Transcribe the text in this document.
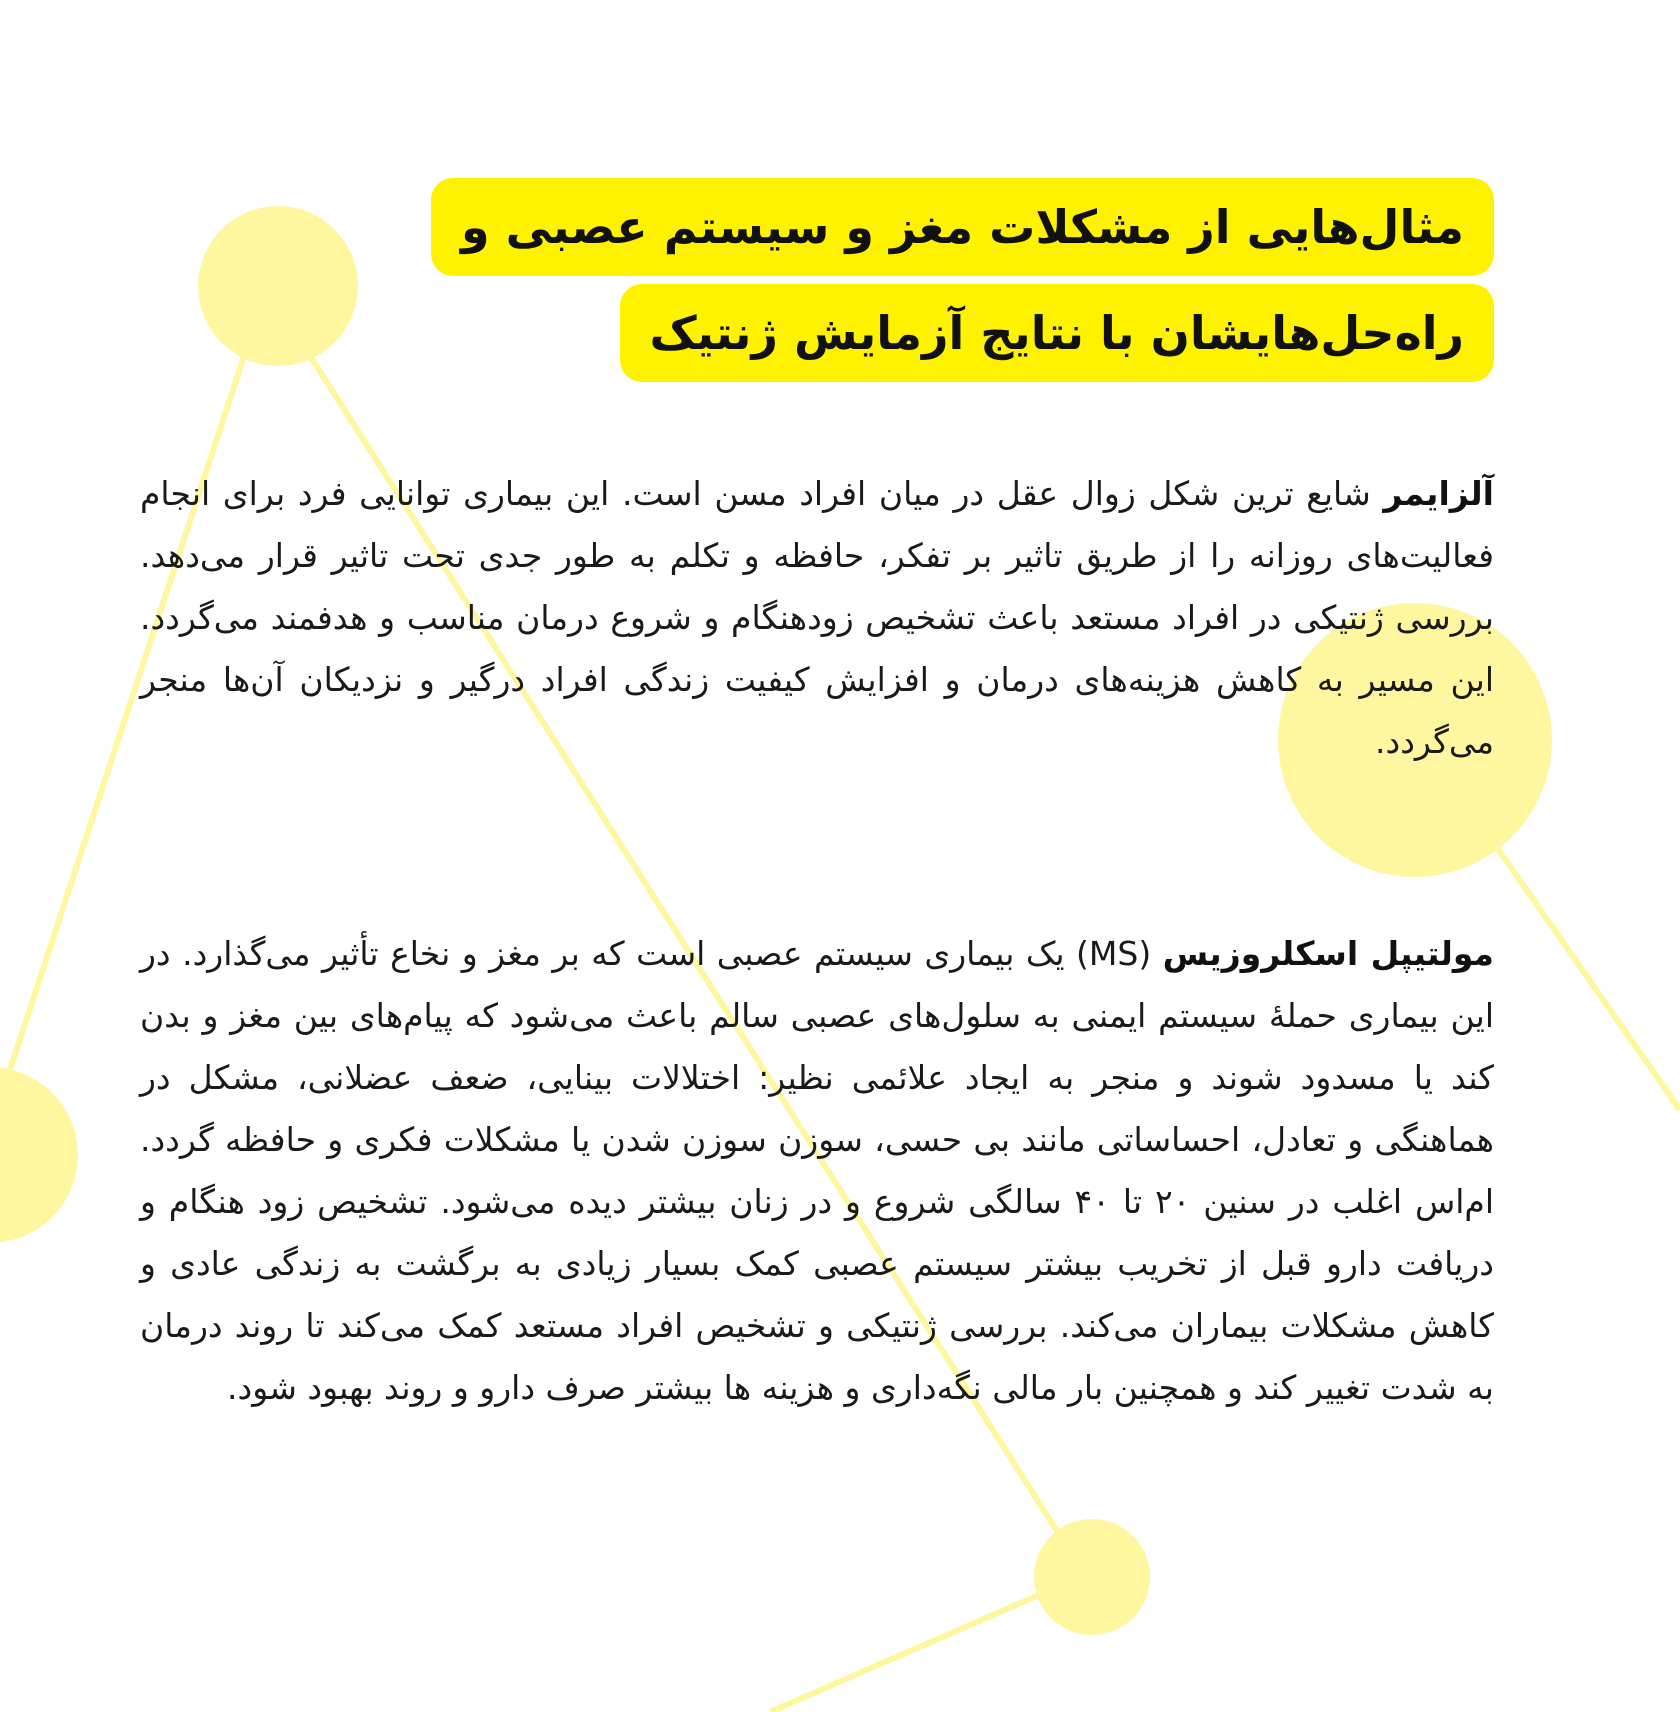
مثال‌هایی از مشکلات مغز و سیستم عصبی و
راه‌حل‌هایشان با نتایج آزمایش ژنتیک

آلزایمر شایع ترین شکل زوال عقل در میان افراد مسن است. این بیماری توانایی فرد برای انجام فعالیت‌های روزانه را از طریق تاثیر بر تفکر، حافظه و تکلم به طور جدی تحت تاثیر قرار می‌دهد. بررسی ژنتیکی در افراد مستعد باعث تشخیص زودهنگام و شروع درمان مناسب و هدفمند می‌گردد. این مسیر به کاهش هزینه‌های درمان و افزایش کیفیت زندگی افراد درگیر و نزدیکان آن‌ها منجر می‌گردد.

مولتیپل اسکلروزیس (MS) یک بیماری سیستم عصبی است که بر مغز و نخاع تأثیر می‌گذارد. در این بیماری حملهٔ سیستم ایمنی به سلول‌های عصبی سالم باعث می‌شود که پیام‌های بین مغز و بدن کند یا مسدود شوند و منجر به ایجاد علائمی نظیر: اختلالات بینایی، ضعف عضلانی، مشکل در هماهنگی و تعادل، احساساتی مانند بی حسی، سوزن سوزن شدن یا مشکلات فکری و حافظه گردد. ام‌اس اغلب در سنین ۲۰ تا ۴۰ سالگی شروع و در زنان بیشتر دیده می‌شود. تشخیص زود هنگام و دریافت دارو قبل از تخریب بیشتر سیستم عصبی کمک بسیار زیادی به برگشت به زندگی عادی و کاهش مشکلات بیماران می‌کند. بررسی ژنتیکی و تشخیص افراد مستعد کمک می‌کند تا روند درمان به شدت تغییر کند و همچنین بار مالی نگه‌داری و هزینه ها بیشتر صرف دارو و روند بهبود شود.
